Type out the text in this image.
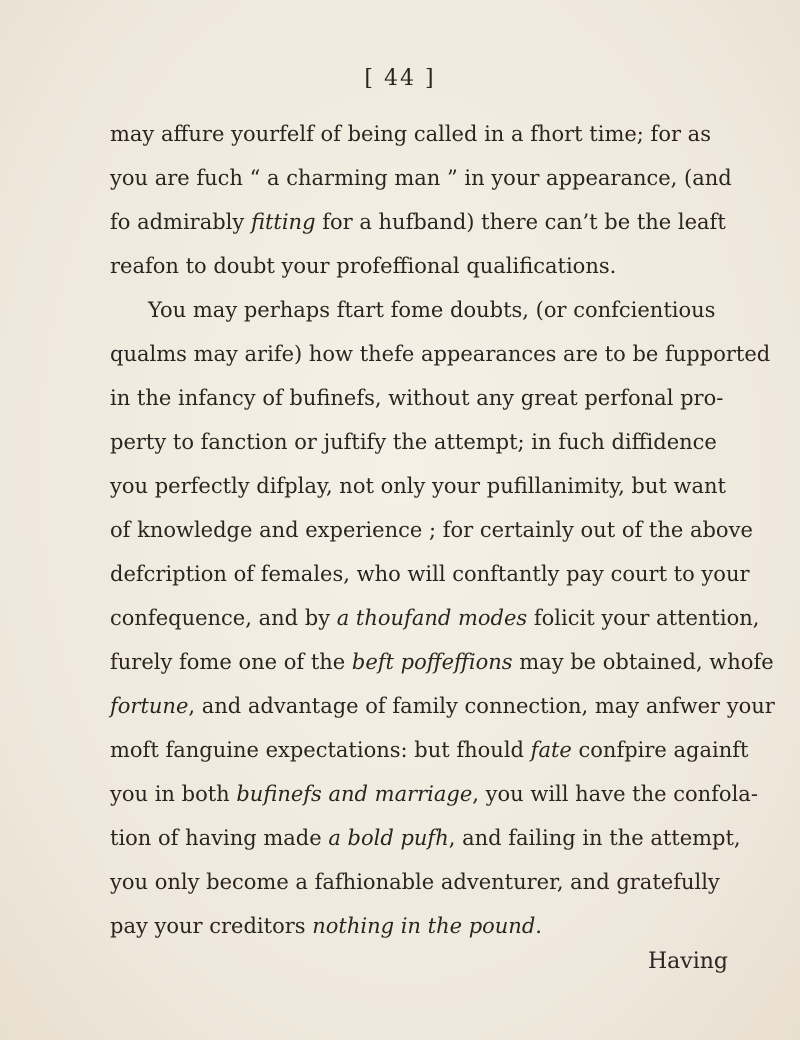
[ 44 ]
may affure yourfelf of being called in a fhort time; for as
you are fuch “ a charming man ” in your appearance, (and
fo admirably fitting for a hufband) there can’t be the leaft
reafon to doubt your profeffional qualifications.
You may perhaps ftart fome doubts, (or confcientious
qualms may arife) how thefe appearances are to be fupported
in the infancy of bufinefs, without any great perfonal pro-
perty to fanction or juftify the attempt; in fuch diffidence
you perfectly difplay, not only your pufillanimity, but want
of knowledge and experience ; for certainly out of the above
defcription of females, who will conftantly pay court to your
confequence, and by a thoufand modes folicit your attention,
furely fome one of the beft poffeffions may be obtained, whofe
fortune, and advantage of family connection, may anfwer your
moft fanguine expectations: but fhould fate confpire againft
you in both bufinefs and marriage, you will have the confola-
tion of having made a bold pufh, and failing in the attempt,
you only become a fafhionable adventurer, and gratefully
pay your creditors nothing in the pound.
Having
